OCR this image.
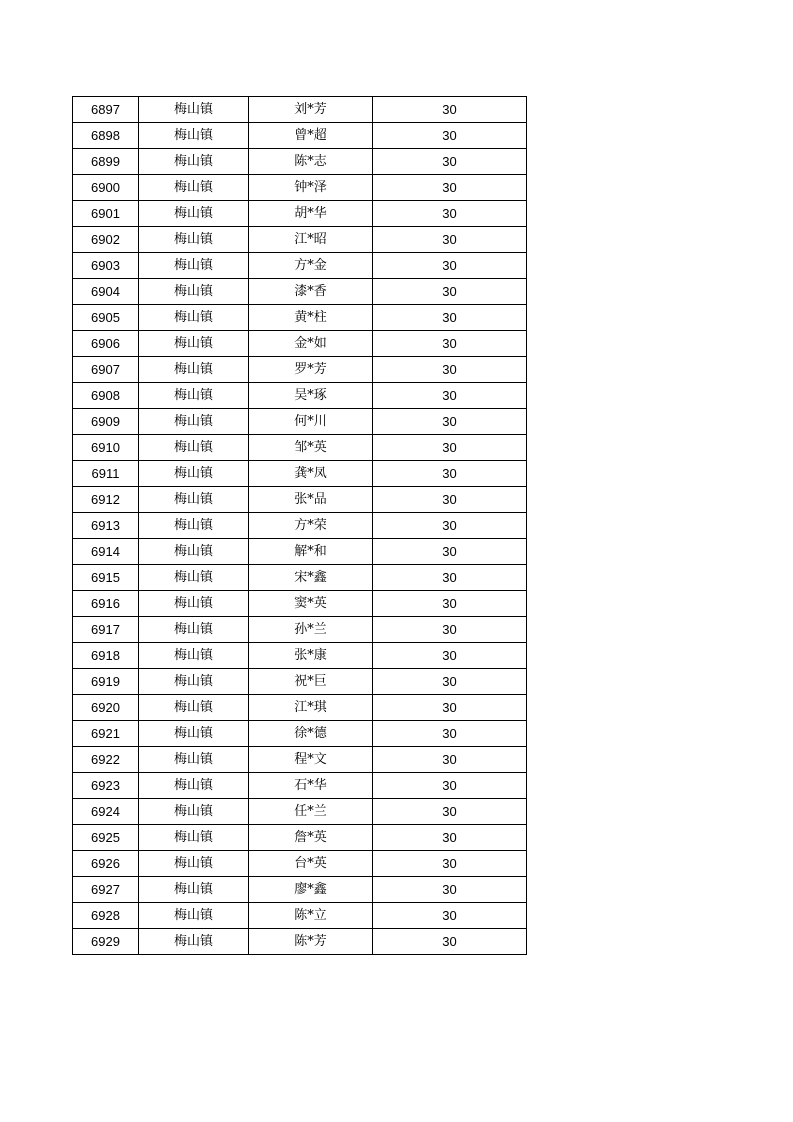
6897	梅山镇	刘*芳	30
6898	梅山镇	曾*超	30
6899	梅山镇	陈*志	30
6900	梅山镇	钟*泽	30
6901	梅山镇	胡*华	30
6902	梅山镇	江*昭	30
6903	梅山镇	方*金	30
6904	梅山镇	漆*香	30
6905	梅山镇	黄*柱	30
6906	梅山镇	金*如	30
6907	梅山镇	罗*芳	30
6908	梅山镇	吴*琢	30
6909	梅山镇	何*川	30
6910	梅山镇	邹*英	30
6911	梅山镇	龚*凤	30
6912	梅山镇	张*品	30
6913	梅山镇	方*荣	30
6914	梅山镇	解*和	30
6915	梅山镇	宋*鑫	30
6916	梅山镇	窦*英	30
6917	梅山镇	孙*兰	30
6918	梅山镇	张*康	30
6919	梅山镇	祝*巨	30
6920	梅山镇	江*琪	30
6921	梅山镇	徐*德	30
6922	梅山镇	程*文	30
6923	梅山镇	石*华	30
6924	梅山镇	任*兰	30
6925	梅山镇	詹*英	30
6926	梅山镇	台*英	30
6927	梅山镇	廖*鑫	30
6928	梅山镇	陈*立	30
6929	梅山镇	陈*芳	30
